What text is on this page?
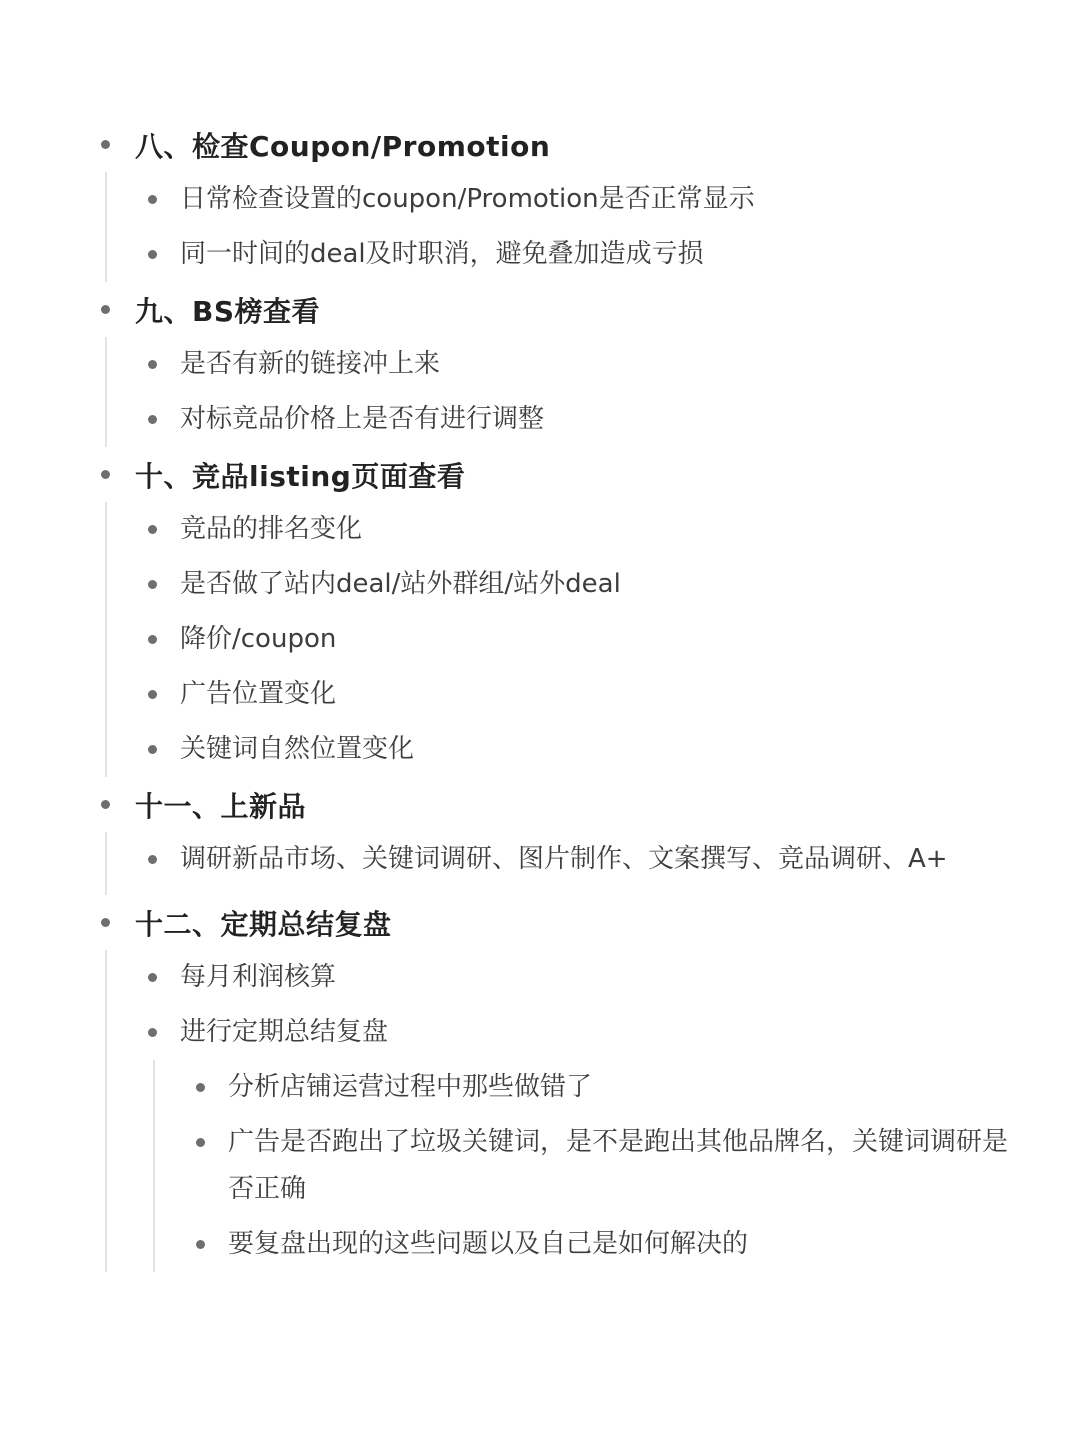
八、检查Coupon/Promotion
日常检查设置的coupon/Promotion是否正常显示
同一时间的deal及时职消，避免叠加造成亏损
九、BS榜查看
是否有新的链接冲上来
对标竞品价格上是否有进行调整
十、竞品listing页面查看
竞品的排名变化
是否做了站内deal/站外群组/站外deal
降价/coupon
广告位置变化
关键词自然位置变化
十一、上新品
调研新品市场、关键词调研、图片制作、文案撰写、竞品调研、A+
十二、定期总结复盘
每月利润核算
进行定期总结复盘
分析店铺运营过程中那些做错了
广告是否跑出了垃圾关键词，是不是跑出其他品牌名，关键词调研是否正确
要复盘出现的这些问题以及自己是如何解决的
